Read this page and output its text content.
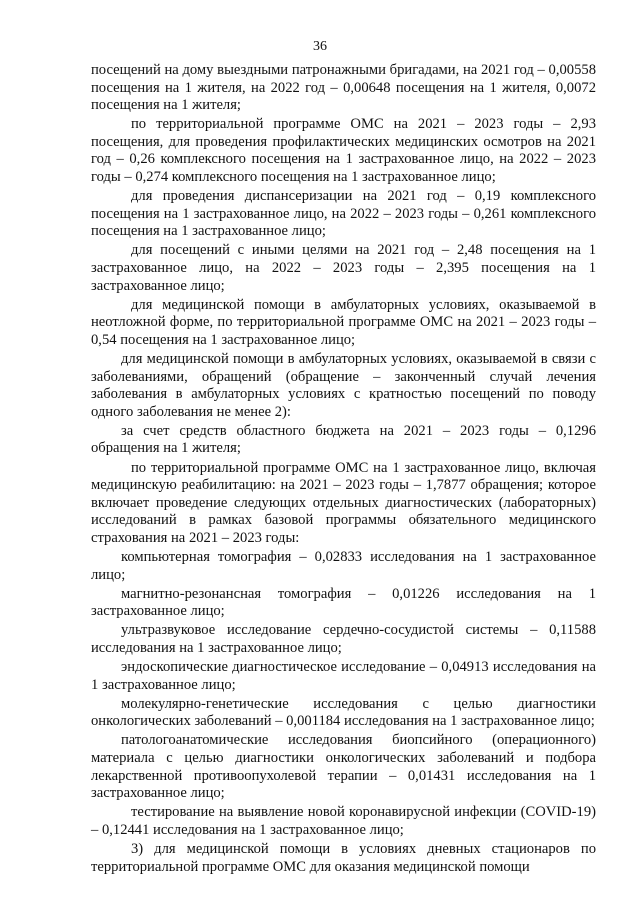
36

посещений на дому выездными патронажными бригадами, на 2021 год – 0,00558 посещения на 1 жителя, на 2022 год – 0,00648 посещения на 1 жителя, 0,0072 посещения на 1 жителя;

по территориальной программе ОМС на 2021 – 2023 годы – 2,93 посещения, для проведения профилактических медицинских осмотров на 2021 год – 0,26 комплексного посещения на 1 застрахованное лицо, на 2022 – 2023 годы – 0,274 комплексного посещения на 1 застрахованное лицо;

для проведения диспансеризации на 2021 год – 0,19 комплексного посещения на 1 застрахованное лицо, на 2022 – 2023 годы – 0,261 комплексного посещения на 1 застрахованное лицо;

для посещений с иными целями на 2021 год – 2,48 посещения на 1 застрахованное лицо, на 2022 – 2023 годы – 2,395 посещения на 1 застрахованное лицо;

для медицинской помощи в амбулаторных условиях, оказываемой в неотложной форме, по территориальной программе ОМС на 2021 – 2023 годы – 0,54 посещения на 1 застрахованное лицо;

для медицинской помощи в амбулаторных условиях, оказываемой в связи с заболеваниями, обращений (обращение – законченный случай лечения заболевания в амбулаторных условиях с кратностью посещений по поводу одного заболевания не менее 2):

за счет средств областного бюджета на 2021 – 2023 годы – 0,1296 обращения на 1 жителя;

по территориальной программе ОМС на 1 застрахованное лицо, включая медицинскую реабилитацию: на 2021 – 2023 годы – 1,7877 обращения; которое включает проведение следующих отдельных диагностических (лабораторных) исследований в рамках базовой программы обязательного медицинского страхования на 2021 – 2023 годы:

компьютерная томография – 0,02833 исследования на 1 застрахованное лицо;

магнитно-резонансная томография – 0,01226 исследования на 1 застрахованное лицо;

ультразвуковое исследование сердечно-сосудистой системы – 0,11588 исследования на 1 застрахованное лицо;

эндоскопические диагностическое исследование – 0,04913 исследования на 1 застрахованное лицо;

молекулярно-генетические исследования с целью диагностики онкологических заболеваний – 0,001184 исследования на 1 застрахованное лицо;

патологоанатомические исследования биопсийного (операционного) материала с целью диагностики онкологических заболеваний и подбора лекарственной противоопухолевой терапии – 0,01431 исследования на 1 застрахованное лицо;

тестирование на выявление новой коронавирусной инфекции (COVID-19) – 0,12441 исследования на 1 застрахованное лицо;

3) для медицинской помощи в условиях дневных стационаров по территориальной программе ОМС для оказания медицинской помощи
